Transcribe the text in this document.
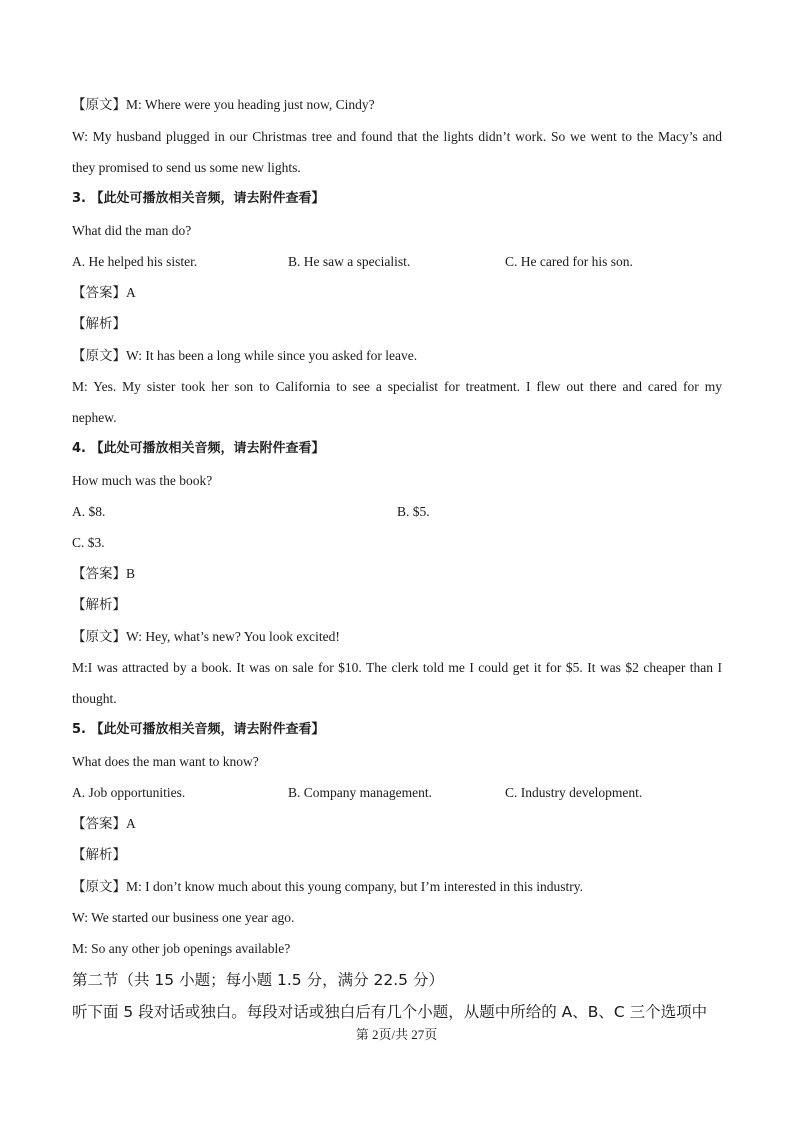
【原文】M: Where were you heading just now, Cindy?
W: My husband plugged in our Christmas tree and found that the lights didn’t work. So we went to the Macy’s and
they promised to send us some new lights.
3. 【此处可播放相关音频，请去附件查看】
What did the man do?
A. He helped his sister.	B. He saw a specialist.	C. He cared for his son.
【答案】A
【解析】
【原文】W: It has been a long while since you asked for leave.
M: Yes. My sister took her son to California to see a specialist for treatment. I flew out there and cared for my
nephew.
4. 【此处可播放相关音频，请去附件查看】
How much was the book?
A. $8.	B. $5.
C. $3.
【答案】B
【解析】
【原文】W: Hey, what’s new? You look excited!
M:I was attracted by a book. It was on sale for $10. The clerk told me I could get it for $5. It was $2 cheaper than I
thought.
5. 【此处可播放相关音频，请去附件查看】
What does the man want to know?
A. Job opportunities.	B. Company management.	C. Industry development.
【答案】A
【解析】
【原文】M: I don’t know much about this young company, but I’m interested in this industry.
W: We started our business one year ago.
M: So any other job openings available?
第二节（共 15 小题；每小题 1.5 分，满分 22.5 分）
听下面 5 段对话或独白。每段对话或独白后有几个小题，从题中所给的 A、B、C 三个选项中
第 2页/共 27页
